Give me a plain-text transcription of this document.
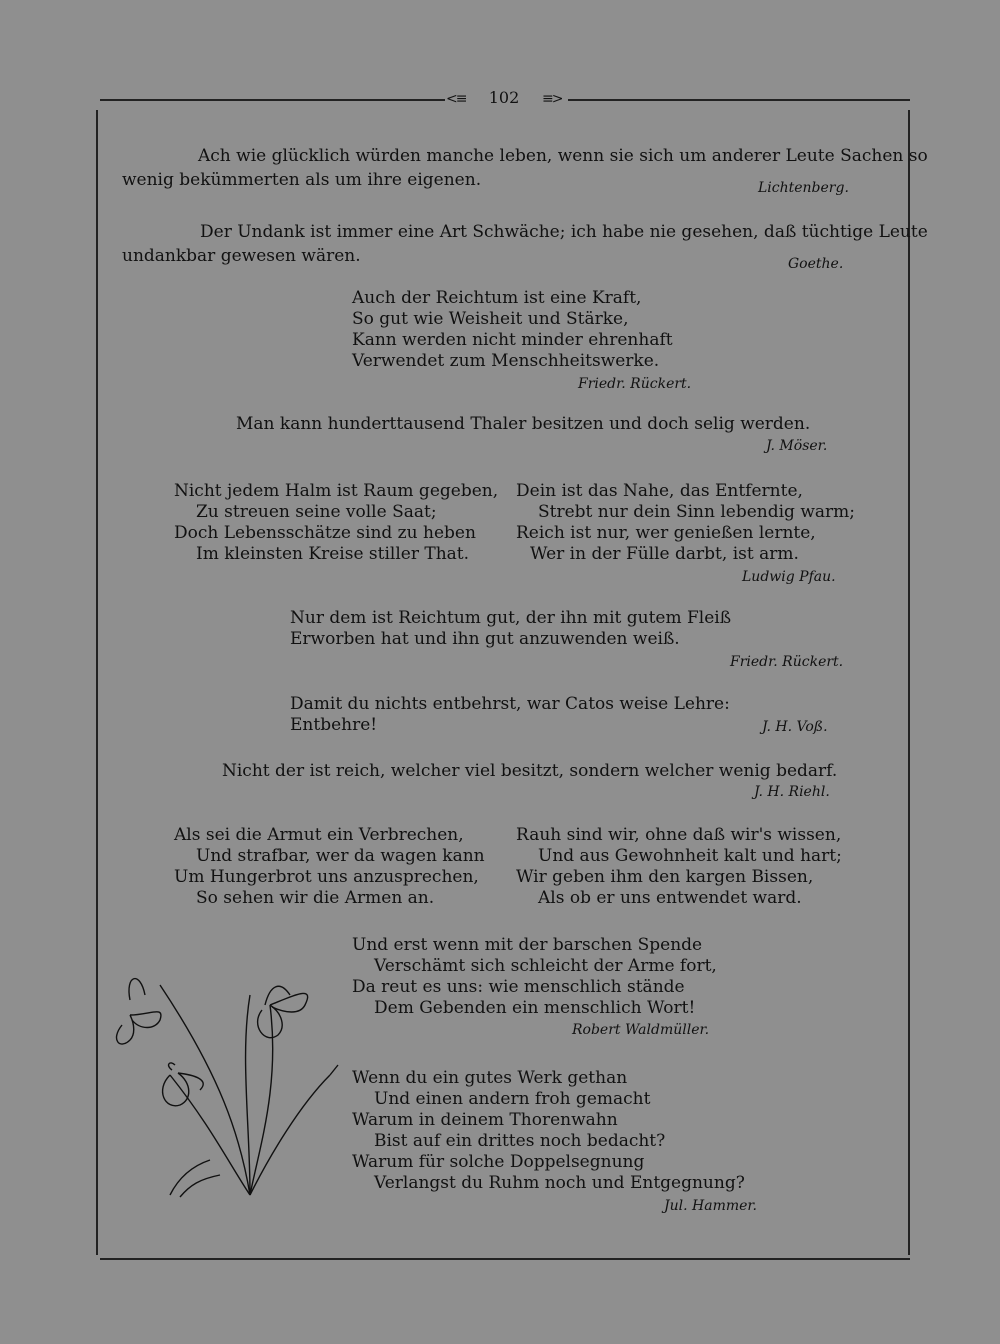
<≡	≡>
102
Ach wie glücklich würden manche leben, wenn sie sich um anderer Leute Sachen so
wenig bekümmerten als um ihre eigenen.	Lichtenberg.
Der Undank ist immer eine Art Schwäche; ich habe nie gesehen, daß tüchtige Leute
undankbar gewesen wären.	Goethe.
Auch der Reichtum ist eine Kraft,
So gut wie Weisheit und Stärke,
Kann werden nicht minder ehrenhaft
Verwendet zum Menschheitswerke.
Friedr. Rückert.
Man kann hunderttausend Thaler besitzen und doch selig werden.
J. Möser.
Nicht jedem Halm ist Raum gegeben,
Zu streuen seine volle Saat;
Doch Lebensschätze sind zu heben
Im kleinsten Kreise stiller That.
Dein ist das Nahe, das Entfernte,
Strebt nur dein Sinn lebendig warm;
Reich ist nur, wer genießen lernte,
Wer in der Fülle darbt, ist arm.
Ludwig Pfau.
Nur dem ist Reichtum gut, der ihn mit gutem Fleiß
Erworben hat und ihn gut anzuwenden weiß.
Friedr. Rückert.
Damit du nichts entbehrst, war Catos weise Lehre:
Entbehre!	J. H. Voß.
Nicht der ist reich, welcher viel besitzt, sondern welcher wenig bedarf.
J. H. Riehl.
Als sei die Armut ein Verbrechen,
Und strafbar, wer da wagen kann
Um Hungerbrot uns anzusprechen,
So sehen wir die Armen an.
Rauh sind wir, ohne daß wir's wissen,
Und aus Gewohnheit kalt und hart;
Wir geben ihm den kargen Bissen,
Als ob er uns entwendet ward.
Und erst wenn mit der barschen Spende
Verschämt sich schleicht der Arme fort,
Da reut es uns: wie menschlich stände
Dem Gebenden ein menschlich Wort!
Robert Waldmüller.
Wenn du ein gutes Werk gethan
Und einen andern froh gemacht
Warum in deinem Thorenwahn
Bist auf ein drittes noch bedacht?
Warum für solche Doppelsegnung
Verlangst du Ruhm noch und Entgegnung?
Jul. Hammer.
